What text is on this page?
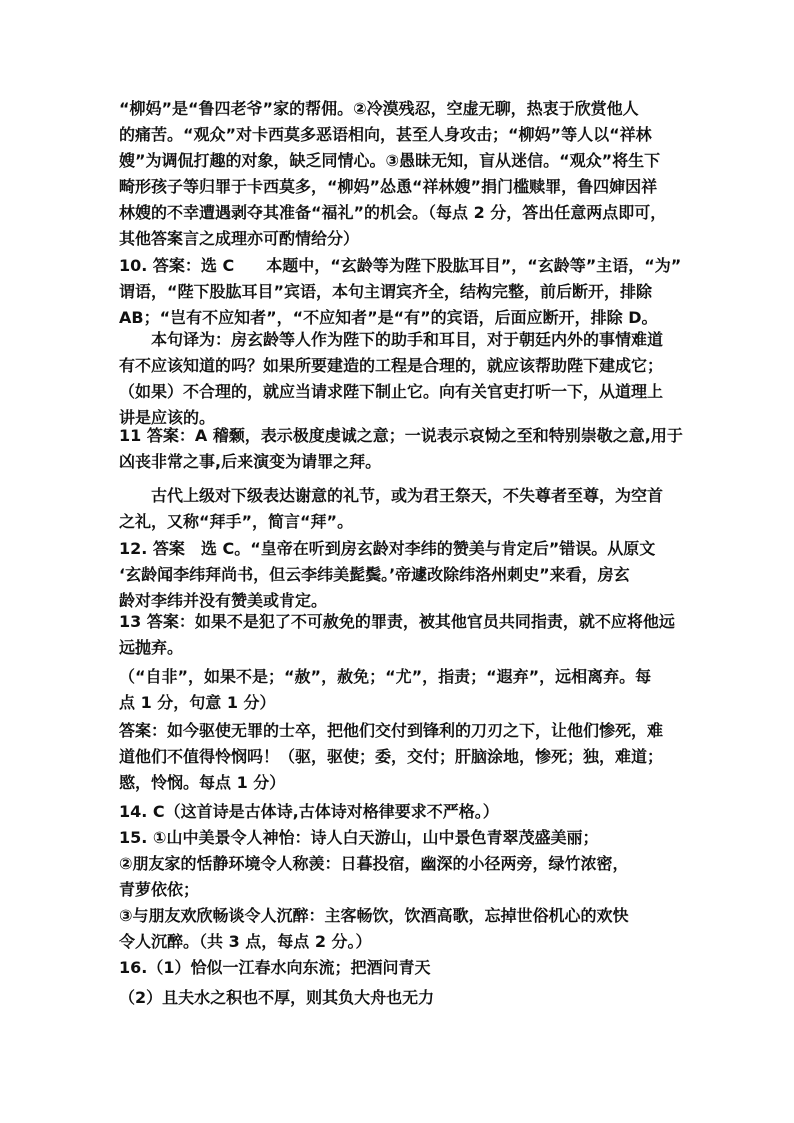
“柳妈”是“鲁四老爷”家的帮佣。②冷漠残忍，空虚无聊，热衷于欣赏他人
的痛苦。“观众”对卡西莫多恶语相向，甚至人身攻击；“柳妈”等人以“祥林
嫂”为调侃打趣的对象，缺乏同情心。③愚昧无知，盲从迷信。“观众”将生下
畸形孩子等归罪于卡西莫多，“柳妈”怂恿“祥林嫂”捐门槛赎罪，鲁四婶因祥
林嫂的不幸遭遇剥夺其准备“福礼”的机会。（每点 2 分，答出任意两点即可，
其他答案言之成理亦可酌情给分）
10. 答案：选 C　　本题中，“玄龄等为陛下股肱耳目”，“玄龄等”主语，“为”
谓语，“陛下股肱耳目”宾语，本句主谓宾齐全，结构完整，前后断开，排除
AB；“岂有不应知者”，“不应知者”是“有”的宾语，后面应断开，排除 D。
本句译为：房玄龄等人作为陛下的助手和耳目，对于朝廷内外的事情难道
有不应该知道的吗？如果所要建造的工程是合理的，就应该帮助陛下建成它；
（如果）不合理的，就应当请求陛下制止它。向有关官吏打听一下，从道理上
讲是应该的。
11 答案：A 稽颡，表示极度虔诚之意；一说表示哀恸之至和特别崇敬之意,用于
凶丧非常之事,后来演变为请罪之拜。
古代上级对下级表达谢意的礼节，或为君王祭天，不失尊者至尊，为空首
之礼，又称“拜手”，简言“拜”。
12. 答案　选 C。“皇帝在听到房玄龄对李纬的赞美与肯定后”错误。从原文
‘玄龄闻李纬拜尚书，但云李纬美髭鬓。’帝遽改除纬洛州刺史”来看，房玄
龄对李纬并没有赞美或肯定。
13 答案：如果不是犯了不可赦免的罪责，被其他官员共同指责，就不应将他远
远抛弃。
（“自非”，如果不是；“赦”，赦免；“尤”，指责；“遐弃”，远相离弃。每
点 1 分，句意 1 分）
答案：如今驱使无罪的士卒，把他们交付到锋利的刀刃之下，让他们惨死，难
道他们不值得怜悯吗！（驱，驱使；委，交付；肝脑涂地，惨死；独，难道；
愍，怜悯。每点 1 分）
14. C（这首诗是古体诗,古体诗对格律要求不严格。）
15. ①山中美景令人神怡：诗人白天游山，山中景色青翠茂盛美丽；
②朋友家的恬静环境令人称羡：日暮投宿，幽深的小径两旁，绿竹浓密，
青萝依依；
③与朋友欢欣畅谈令人沉醉：主客畅饮，饮酒高歌，忘掉世俗机心的欢快
令人沉醉。（共 3 点，每点 2 分。）
16.（1）恰似一江春水向东流；把酒问青天
（2）且夫水之积也不厚，则其负大舟也无力
